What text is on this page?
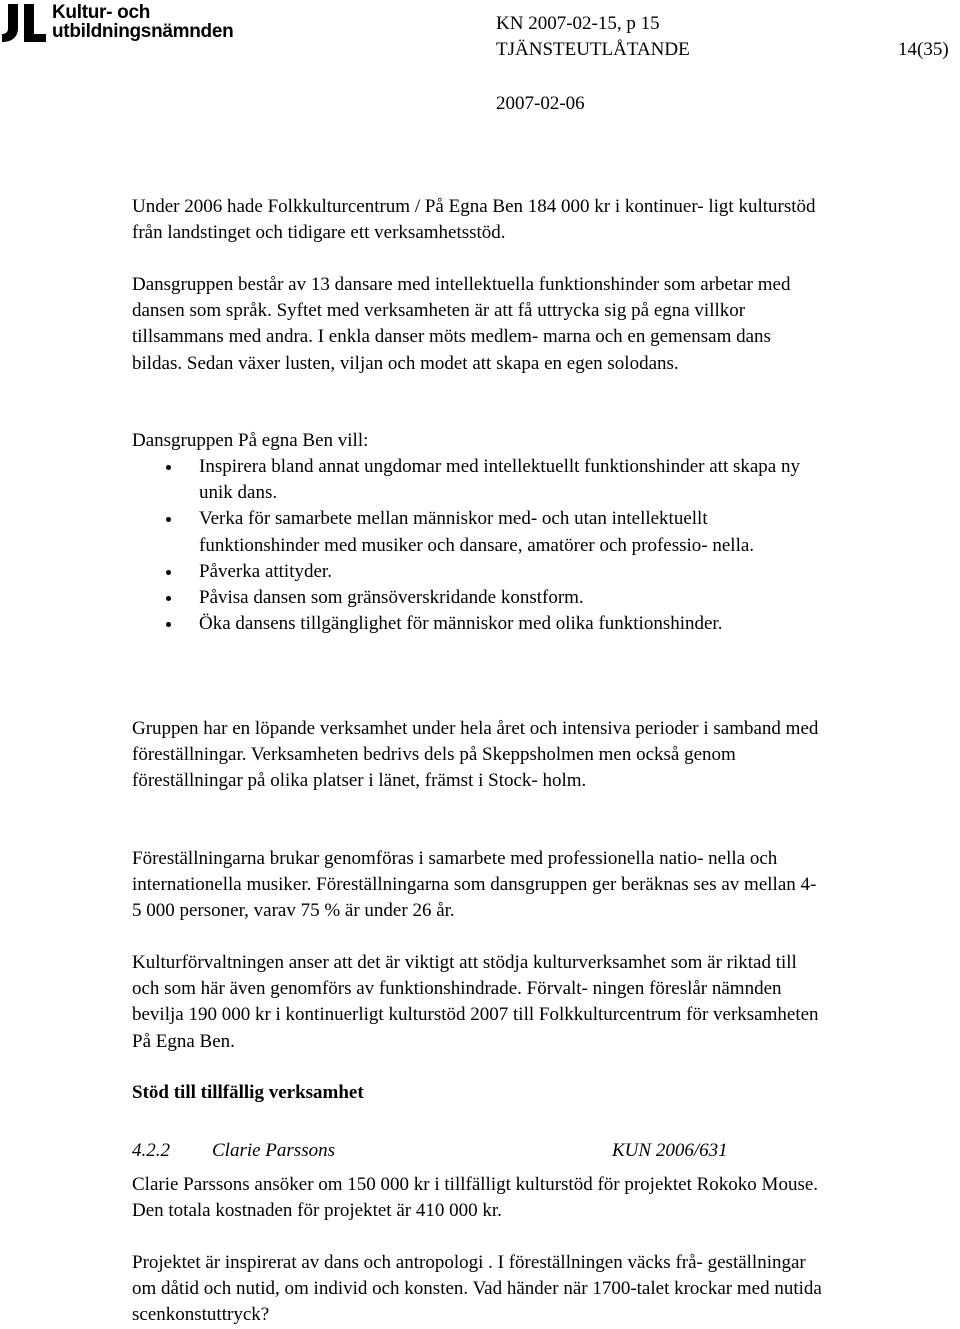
Kultur- och
utbildningsnämnden	KN 2007-02-15, p 15
TJÄNSTEUTLÅTANDE	14(35)
2007-02-06

Under 2006 hade Folkkulturcentrum / På Egna Ben 184 000 kr i kontinuer- ligt kulturstöd från landstinget och tidigare ett verksamhetsstöd.

Dansgruppen består av 13 dansare med intellektuella funktionshinder som arbetar med dansen som språk. Syftet med verksamheten är att få uttrycka sig på egna villkor tillsammans med andra. I enkla danser möts medlem- marna och en gemensam dans bildas. Sedan växer lusten, viljan och modet att skapa en egen solodans.

Dansgruppen På egna Ben vill:

Inspirera bland annat ungdomar med intellektuellt funktionshinder att skapa ny unik dans.
Verka för samarbete mellan människor med- och utan intellektuellt funktionshinder med musiker och dansare, amatörer och professio- nella.
Påverka attityder.
Påvisa dansen som gränsöverskridande konstform.
Öka dansens tillgänglighet för människor med olika funktionshinder.

Gruppen har en löpande verksamhet under hela året och intensiva perioder i samband med föreställningar. Verksamheten bedrivs dels på Skeppsholmen men också genom föreställningar på olika platser i länet, främst i Stock- holm.

Föreställningarna brukar genomföras i samarbete med professionella natio- nella och internationella musiker. Föreställningarna som dansgruppen ger beräknas ses av mellan 4-5 000 personer, varav 75 % är under 26 år.

Kulturförvaltningen anser att det är viktigt att stödja kulturverksamhet som är riktad till och som här även genomförs av funktionshindrade. Förvalt- ningen föreslår nämnden bevilja 190 000 kr i kontinuerligt kulturstöd 2007 till Folkkulturcentrum för verksamheten På Egna Ben.

Stöd till tillfällig verksamhet
4.2.2 Clarie Parssons	KUN 2006/631

Clarie Parssons ansöker om 150 000 kr i tillfälligt kulturstöd för projektet Rokoko Mouse. Den totala kostnaden för projektet är 410 000 kr.

Projektet är inspirerat av dans och antropologi . I föreställningen väcks frå- geställningar om dåtid och nutid, om individ och konsten. Vad händer när 1700-talet krockar med nutida scenkonstuttryck?
